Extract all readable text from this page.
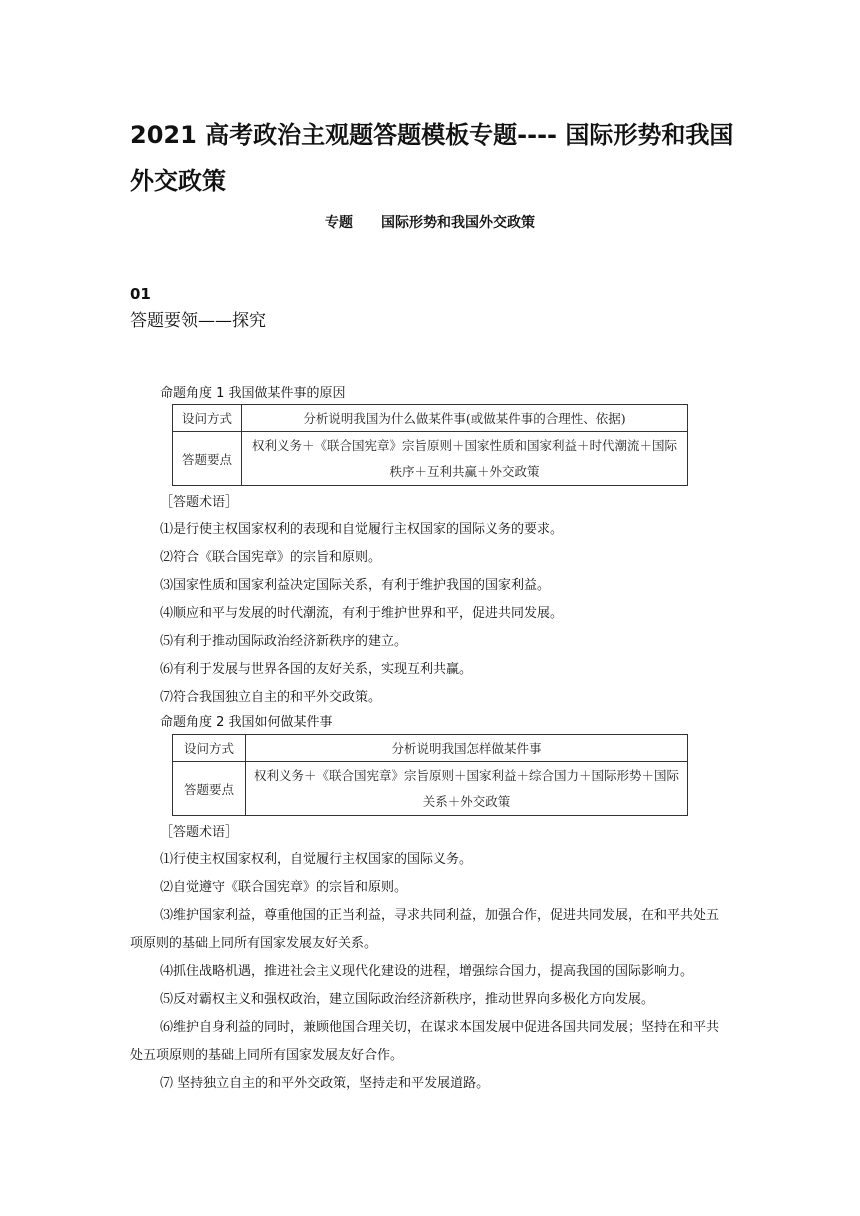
2021 高考政治主观题答题模板专题---- 国际形势和我国外交政策
专题 国际形势和我国外交政策
01
答题要领——探究
命题角度 1 我国做某件事的原因
设问方式	分析说明我国为什么做某件事(或做某件事的合理性、依据)
答题要点	权利义务＋《联合国宪章》宗旨原则＋国家性质和国家利益＋时代潮流＋国际秩序＋互利共赢＋外交政策
［答题术语］

⑴是行使主权国家权利的表现和自觉履行主权国家的国际义务的要求。

⑵符合《联合国宪章》的宗旨和原则。

⑶国家性质和国家利益决定国际关系，有利于维护我国的国家利益。

⑷顺应和平与发展的时代潮流，有利于维护世界和平，促进共同发展。

⑸有利于推动国际政治经济新秩序的建立。

⑹有利于发展与世界各国的友好关系，实现互利共赢。

⑺符合我国独立自主的和平外交政策。

命题角度 2 我国如何做某件事
设问方式	分析说明我国怎样做某件事
答题要点	权利义务＋《联合国宪章》宗旨原则＋国家利益＋综合国力＋国际形势＋国际关系＋外交政策
［答题术语］

⑴行使主权国家权利，自觉履行主权国家的国际义务。

⑵自觉遵守《联合国宪章》的宗旨和原则。

⑶维护国家利益，尊重他国的正当利益，寻求共同利益，加强合作，促进共同发展，在和平共处五项原则的基础上同所有国家发展友好关系。

⑷抓住战略机遇，推进社会主义现代化建设的进程，增强综合国力，提高我国的国际影响力。

⑸反对霸权主义和强权政治，建立国际政治经济新秩序，推动世界向多极化方向发展。

⑹维护自身利益的同时，兼顾他国合理关切，在谋求本国发展中促进各国共同发展；坚持在和平共处五项原则的基础上同所有国家发展友好合作。

⑺ 坚持独立自主的和平外交政策，坚持走和平发展道路。
